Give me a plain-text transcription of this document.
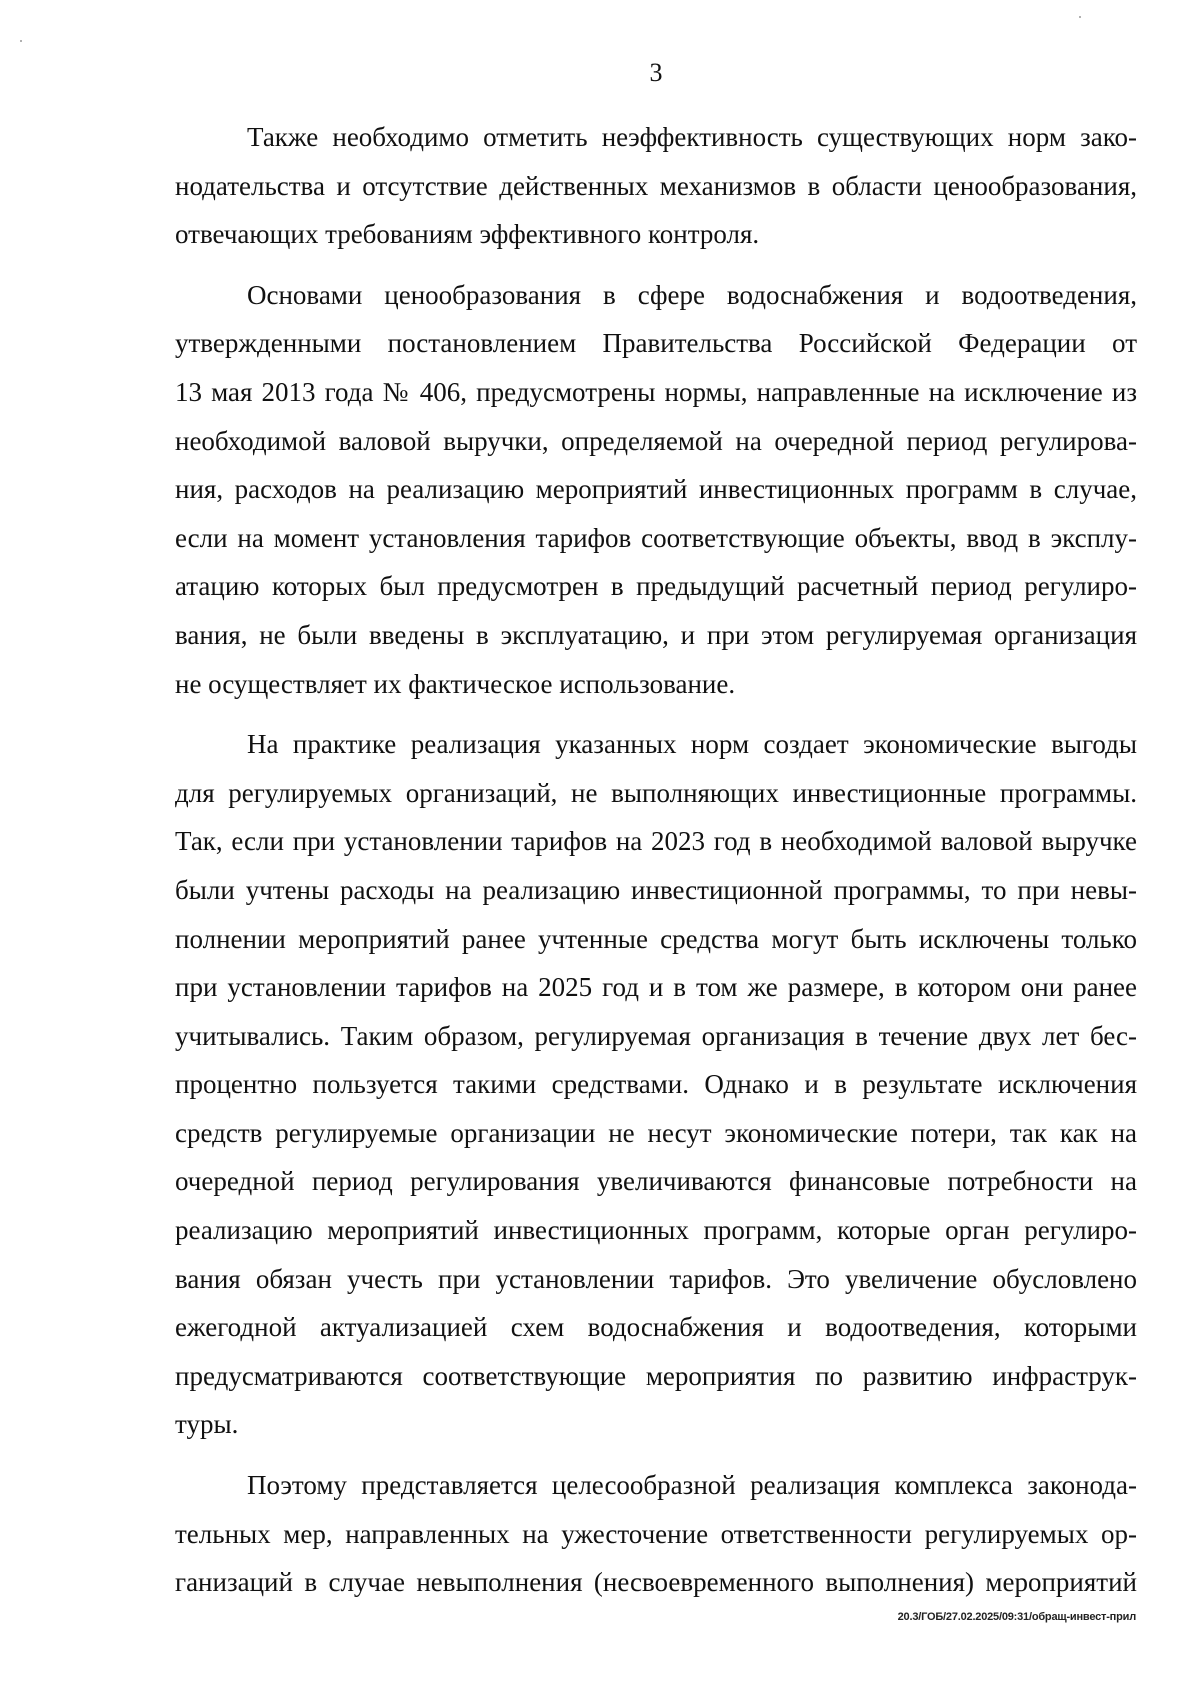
3

Также необходимо отметить неэффективность существующих норм зако-
нодательства и отсутствие действенных механизмов в области ценообразования,
отвечающих требованиям эффективного контроля.

Основами ценообразования в сфере водоснабжения и водоотведения,
утвержденными постановлением Правительства Российской Федерации от
13 мая 2013 года № 406, предусмотрены нормы, направленные на исключение из
необходимой валовой выручки, определяемой на очередной период регулирова-
ния, расходов на реализацию мероприятий инвестиционных программ в случае,
если на момент установления тарифов соответствующие объекты, ввод в эксплу-
атацию которых был предусмотрен в предыдущий расчетный период регулиро-
вания, не были введены в эксплуатацию, и при этом регулируемая организация
не осуществляет их фактическое использование.

На практике реализация указанных норм создает экономические выгоды
для регулируемых организаций, не выполняющих инвестиционные программы.
Так, если при установлении тарифов на 2023 год в необходимой валовой выручке
были учтены расходы на реализацию инвестиционной программы, то при невы-
полнении мероприятий ранее учтенные средства могут быть исключены только
при установлении тарифов на 2025 год и в том же размере, в котором они ранее
учитывались. Таким образом, регулируемая организация в течение двух лет бес-
процентно пользуется такими средствами. Однако и в результате исключения
средств регулируемые организации не несут экономические потери, так как на
очередной период регулирования увеличиваются финансовые потребности на
реализацию мероприятий инвестиционных программ, которые орган регулиро-
вания обязан учесть при установлении тарифов. Это увеличение обусловлено
ежегодной актуализацией схем водоснабжения и водоотведения, которыми
предусматриваются соответствующие мероприятия по развитию инфраструк-
туры.

Поэтому представляется целесообразной реализация комплекса законода-
тельных мер, направленных на ужесточение ответственности регулируемых ор-
ганизаций в случае невыполнения (несвоевременного выполнения) мероприятий

20.3/ГОБ/27.02.2025/09:31/обращ-инвест-прил
